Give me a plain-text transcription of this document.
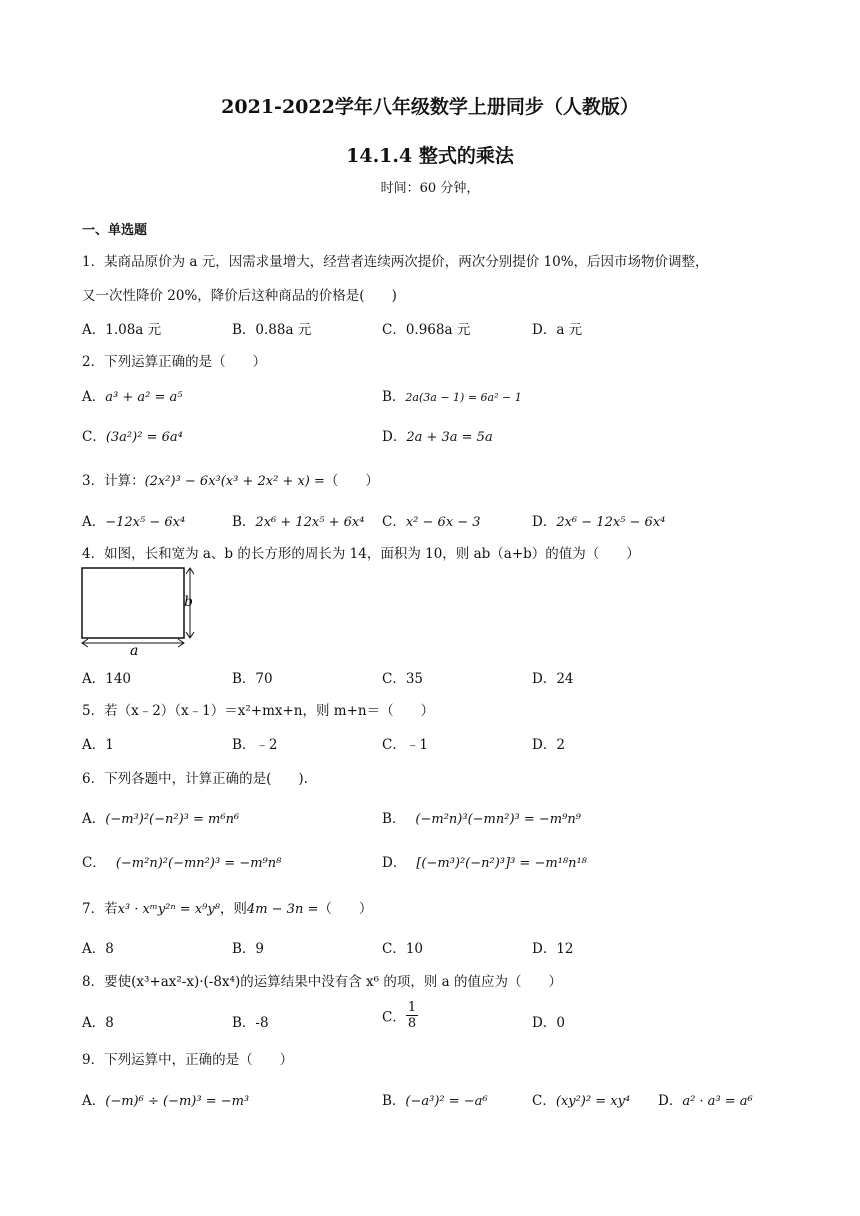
2021-2022学年八年级数学上册同步（人教版）
14.1.4 整式的乘法
时间：60 分钟，
一、单选题
1．某商品原价为 a 元，因需求量增大，经营者连续两次提价，两次分别提价 10%，后因市场物价调整，
又一次性降价 20%，降价后这种商品的价格是(　　)
A．1.08a 元	B．0.88a 元	C．0.968a 元	D．a 元
2．下列运算正确的是（　　）
A．a³ + a² = a⁵	B．2a(3a − 1) = 6a² − 1
C．(3a²)² = 6a⁴	D．2a + 3a = 5a
3．计算：(2x²)³ − 6x³(x³ + 2x² + x) =（　　）
A．−12x⁵ − 6x⁴	B．2x⁶ + 12x⁵ + 6x⁴ C．x² − 6x − 3	D．2x⁶ − 12x⁵ − 6x⁴
4．如图，长和宽为 a、b 的长方形的周长为 14，面积为 10，则 ab（a+b）的值为（　　）
b
a
A．140	B．70	C．35	D．24
5．若（x﹣2）（x﹣1）＝x²+mx+n，则 m+n＝（　　）
A．1	B．﹣2	C．﹣1	D．2
6．下列各题中，计算正确的是(　　).
A．(−m³)²(−n²)³ = m⁶n⁶	B． (−m²n)³(−mn²)³ = −m⁹n⁹
C． (−m²n)²(−mn²)³ = −m⁹n⁸	D． [(−m³)²(−n²)³]³ = −m¹⁸n¹⁸
7．若x³ · xᵐy²ⁿ = x⁹y⁸，则4m − 3n =（　　）
A．8	B．9	C．10	D．12
8．要使(x³+ax²-x)·(-8x⁴)的运算结果中没有含 x⁶ 的项，则 a 的值应为（　　）
A．8	B．-8	C． $\frac{1}{8}$	D．0
9．下列运算中，正确的是（　　）
A．(−m)⁶ ÷ (−m)³ = −m³	B．(−a³)² = −a⁶	C．(xy²)² = xy⁴ D．a² · a³ = a⁶
